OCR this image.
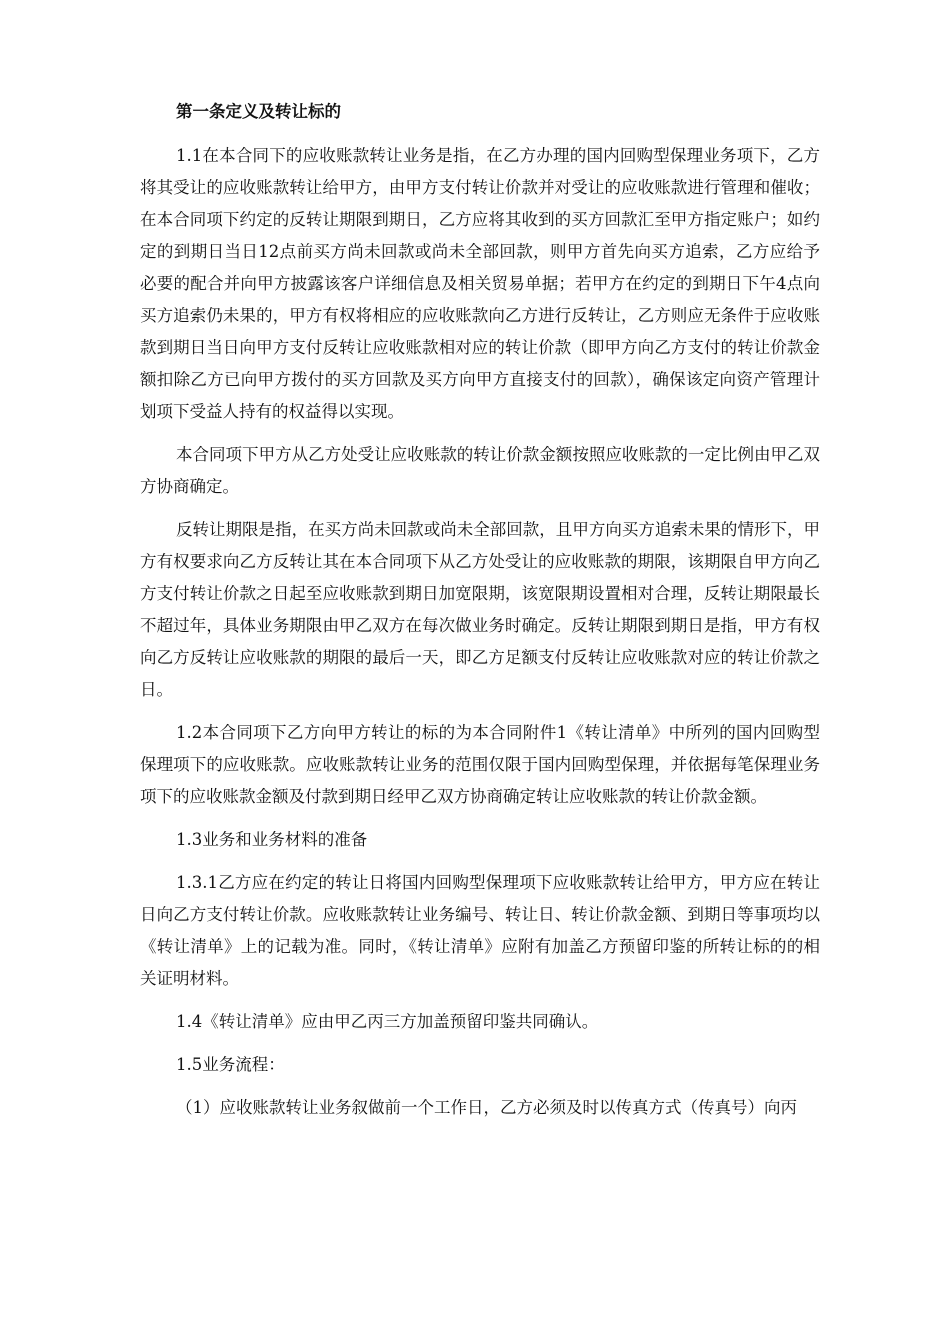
第一条定义及转让标的

1.1在本合同下的应收账款转让业务是指，在乙方办理的国内回购型保理业务项下，乙方将其受让的应收账款转让给甲方，由甲方支付转让价款并对受让的应收账款进行管理和催收；在本合同项下约定的反转让期限到期日，乙方应将其收到的买方回款汇至甲方指定账户；如约定的到期日当日12点前买方尚未回款或尚未全部回款，则甲方首先向买方追索，乙方应给予必要的配合并向甲方披露该客户详细信息及相关贸易单据；若甲方在约定的到期日下午4点向买方追索仍未果的，甲方有权将相应的应收账款向乙方进行反转让，乙方则应无条件于应收账款到期日当日向甲方支付反转让应收账款相对应的转让价款（即甲方向乙方支付的转让价款金额扣除乙方已向甲方拨付的买方回款及买方向甲方直接支付的回款），确保该定向资产管理计划项下受益人持有的权益得以实现。

本合同项下甲方从乙方处受让应收账款的转让价款金额按照应收账款的一定比例由甲乙双方协商确定。

反转让期限是指，在买方尚未回款或尚未全部回款，且甲方向买方追索未果的情形下，甲方有权要求向乙方反转让其在本合同项下从乙方处受让的应收账款的期限，该期限自甲方向乙方支付转让价款之日起至应收账款到期日加宽限期，该宽限期设置相对合理，反转让期限最长不超过年，具体业务期限由甲乙双方在每次做业务时确定。反转让期限到期日是指，甲方有权向乙方反转让应收账款的期限的最后一天，即乙方足额支付反转让应收账款对应的转让价款之日。

1.2本合同项下乙方向甲方转让的标的为本合同附件1《转让清单》中所列的国内回购型保理项下的应收账款。应收账款转让业务的范围仅限于国内回购型保理，并依据每笔保理业务项下的应收账款金额及付款到期日经甲乙双方协商确定转让应收账款的转让价款金额。

1.3业务和业务材料的准备

1.3.1乙方应在约定的转让日将国内回购型保理项下应收账款转让给甲方，甲方应在转让日向乙方支付转让价款。应收账款转让业务编号、转让日、转让价款金额、到期日等事项均以《转让清单》上的记载为准。同时，《转让清单》应附有加盖乙方预留印鉴的所转让标的的相关证明材料。

1.4《转让清单》应由甲乙丙三方加盖预留印鉴共同确认。

1.5业务流程：

（1）应收账款转让业务叙做前一个工作日，乙方必须及时以传真方式（传真号）向丙
